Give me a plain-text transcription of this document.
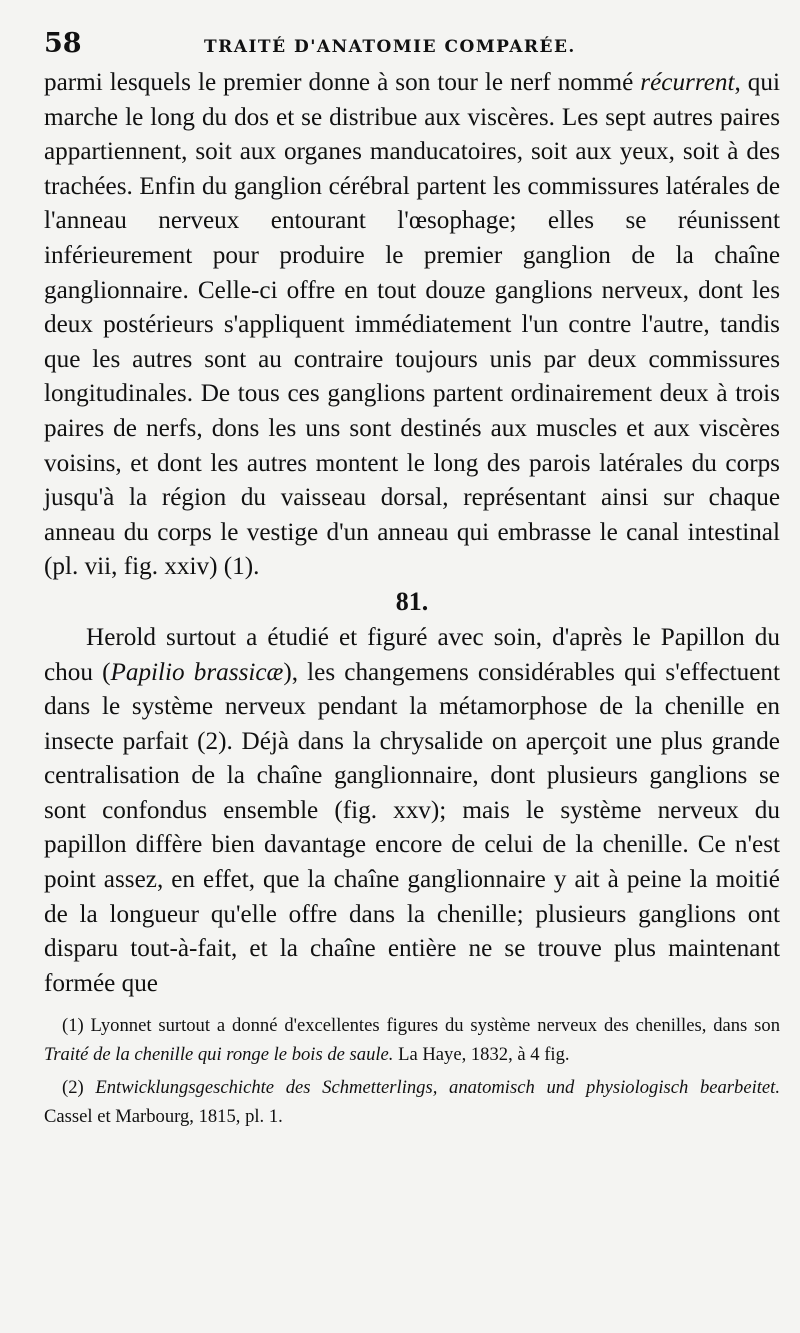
58	TRAITÉ D'ANATOMIE COMPARÉE.

parmi lesquels le premier donne à son tour le nerf nommé récurrent, qui marche le long du dos et se distribue aux viscères. Les sept autres paires appartiennent, soit aux organes manducatoires, soit aux yeux, soit à des trachées. Enfin du ganglion cérébral partent les commissures latérales de l'anneau nerveux entourant l'œsophage; elles se réunissent inférieurement pour produire le premier ganglion de la chaîne ganglionnaire. Celle-ci offre en tout douze ganglions nerveux, dont les deux postérieurs s'appliquent immédiatement l'un contre l'autre, tandis que les autres sont au contraire toujours unis par deux commissures longitudinales. De tous ces ganglions partent ordinairement deux à trois paires de nerfs, dons les uns sont destinés aux muscles et aux viscères voisins, et dont les autres montent le long des parois latérales du corps jusqu'à la région du vaisseau dorsal, représentant ainsi sur chaque anneau du corps le vestige d'un anneau qui embrasse le canal intestinal (pl. vii, fig. xxiv) (1).

81.

Herold surtout a étudié et figuré avec soin, d'après le Papillon du chou (Papilio brassicæ), les changemens considérables qui s'effectuent dans le système nerveux pendant la métamorphose de la chenille en insecte parfait (2). Déjà dans la chrysalide on aperçoit une plus grande centralisation de la chaîne ganglionnaire, dont plusieurs ganglions se sont confondus ensemble (fig. xxv); mais le système nerveux du papillon diffère bien davantage encore de celui de la chenille. Ce n'est point assez, en effet, que la chaîne ganglionnaire y ait à peine la moitié de la longueur qu'elle offre dans la chenille; plusieurs ganglions ont disparu tout-à-fait, et la chaîne entière ne se trouve plus maintenant formée que

(1) Lyonnet surtout a donné d'excellentes figures du système nerveux des chenilles, dans son Traité de la chenille qui ronge le bois de saule. La Haye, 1832, à 4 fig.

(2) Entwicklungsgeschichte des Schmetterlings, anatomisch und physiologisch bearbeitet. Cassel et Marbourg, 1815, pl. 1.
